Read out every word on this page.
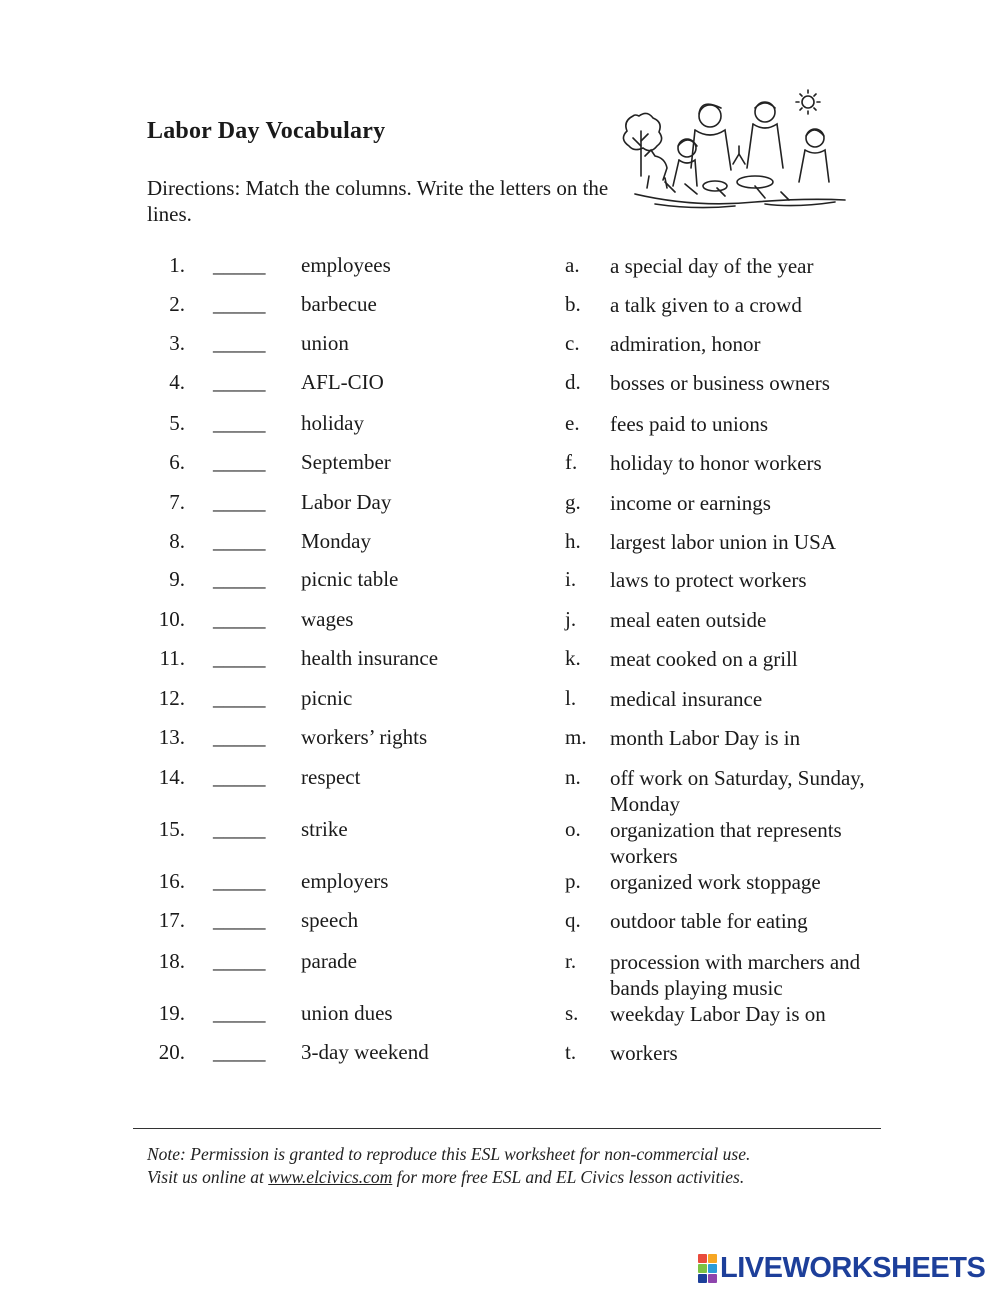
Labor Day Vocabulary
Directions: Match the columns. Write the letters on the lines.
1. _____ employees	a. a special day of the year
2. _____ barbecue	b. a talk given to a crowd
3. _____ union	c. admiration, honor
4. _____ AFL-CIO	d. bosses or business owners
5. _____ holiday	e. fees paid to unions
6. _____ September	f. holiday to honor workers
7. _____ Labor Day	g. income or earnings
8. _____ Monday	h. largest labor union in USA
9. _____ picnic table	i. laws to protect workers
10. _____ wages	j. meal eaten outside
11. _____ health insurance	k. meat cooked on a grill
12. _____ picnic	l. medical insurance
13. _____ workers’ rights	m. month Labor Day is in
14. _____ respect	n. off work on Saturday, Sunday, Monday
15. _____ strike	o. organization that represents workers
16. _____ employers	p. organized work stoppage
17. _____ speech	q. outdoor table for eating
18. _____ parade	r. procession with marchers and bands playing music
19. _____ union dues	s. weekday Labor Day is on
20. _____ 3-day weekend	t. workers
Note: Permission is granted to reproduce this ESL worksheet for non-commercial use.
Visit us online at www.elcivics.com for more free ESL and EL Civics lesson activities.
LIVEWORKSHEETS
